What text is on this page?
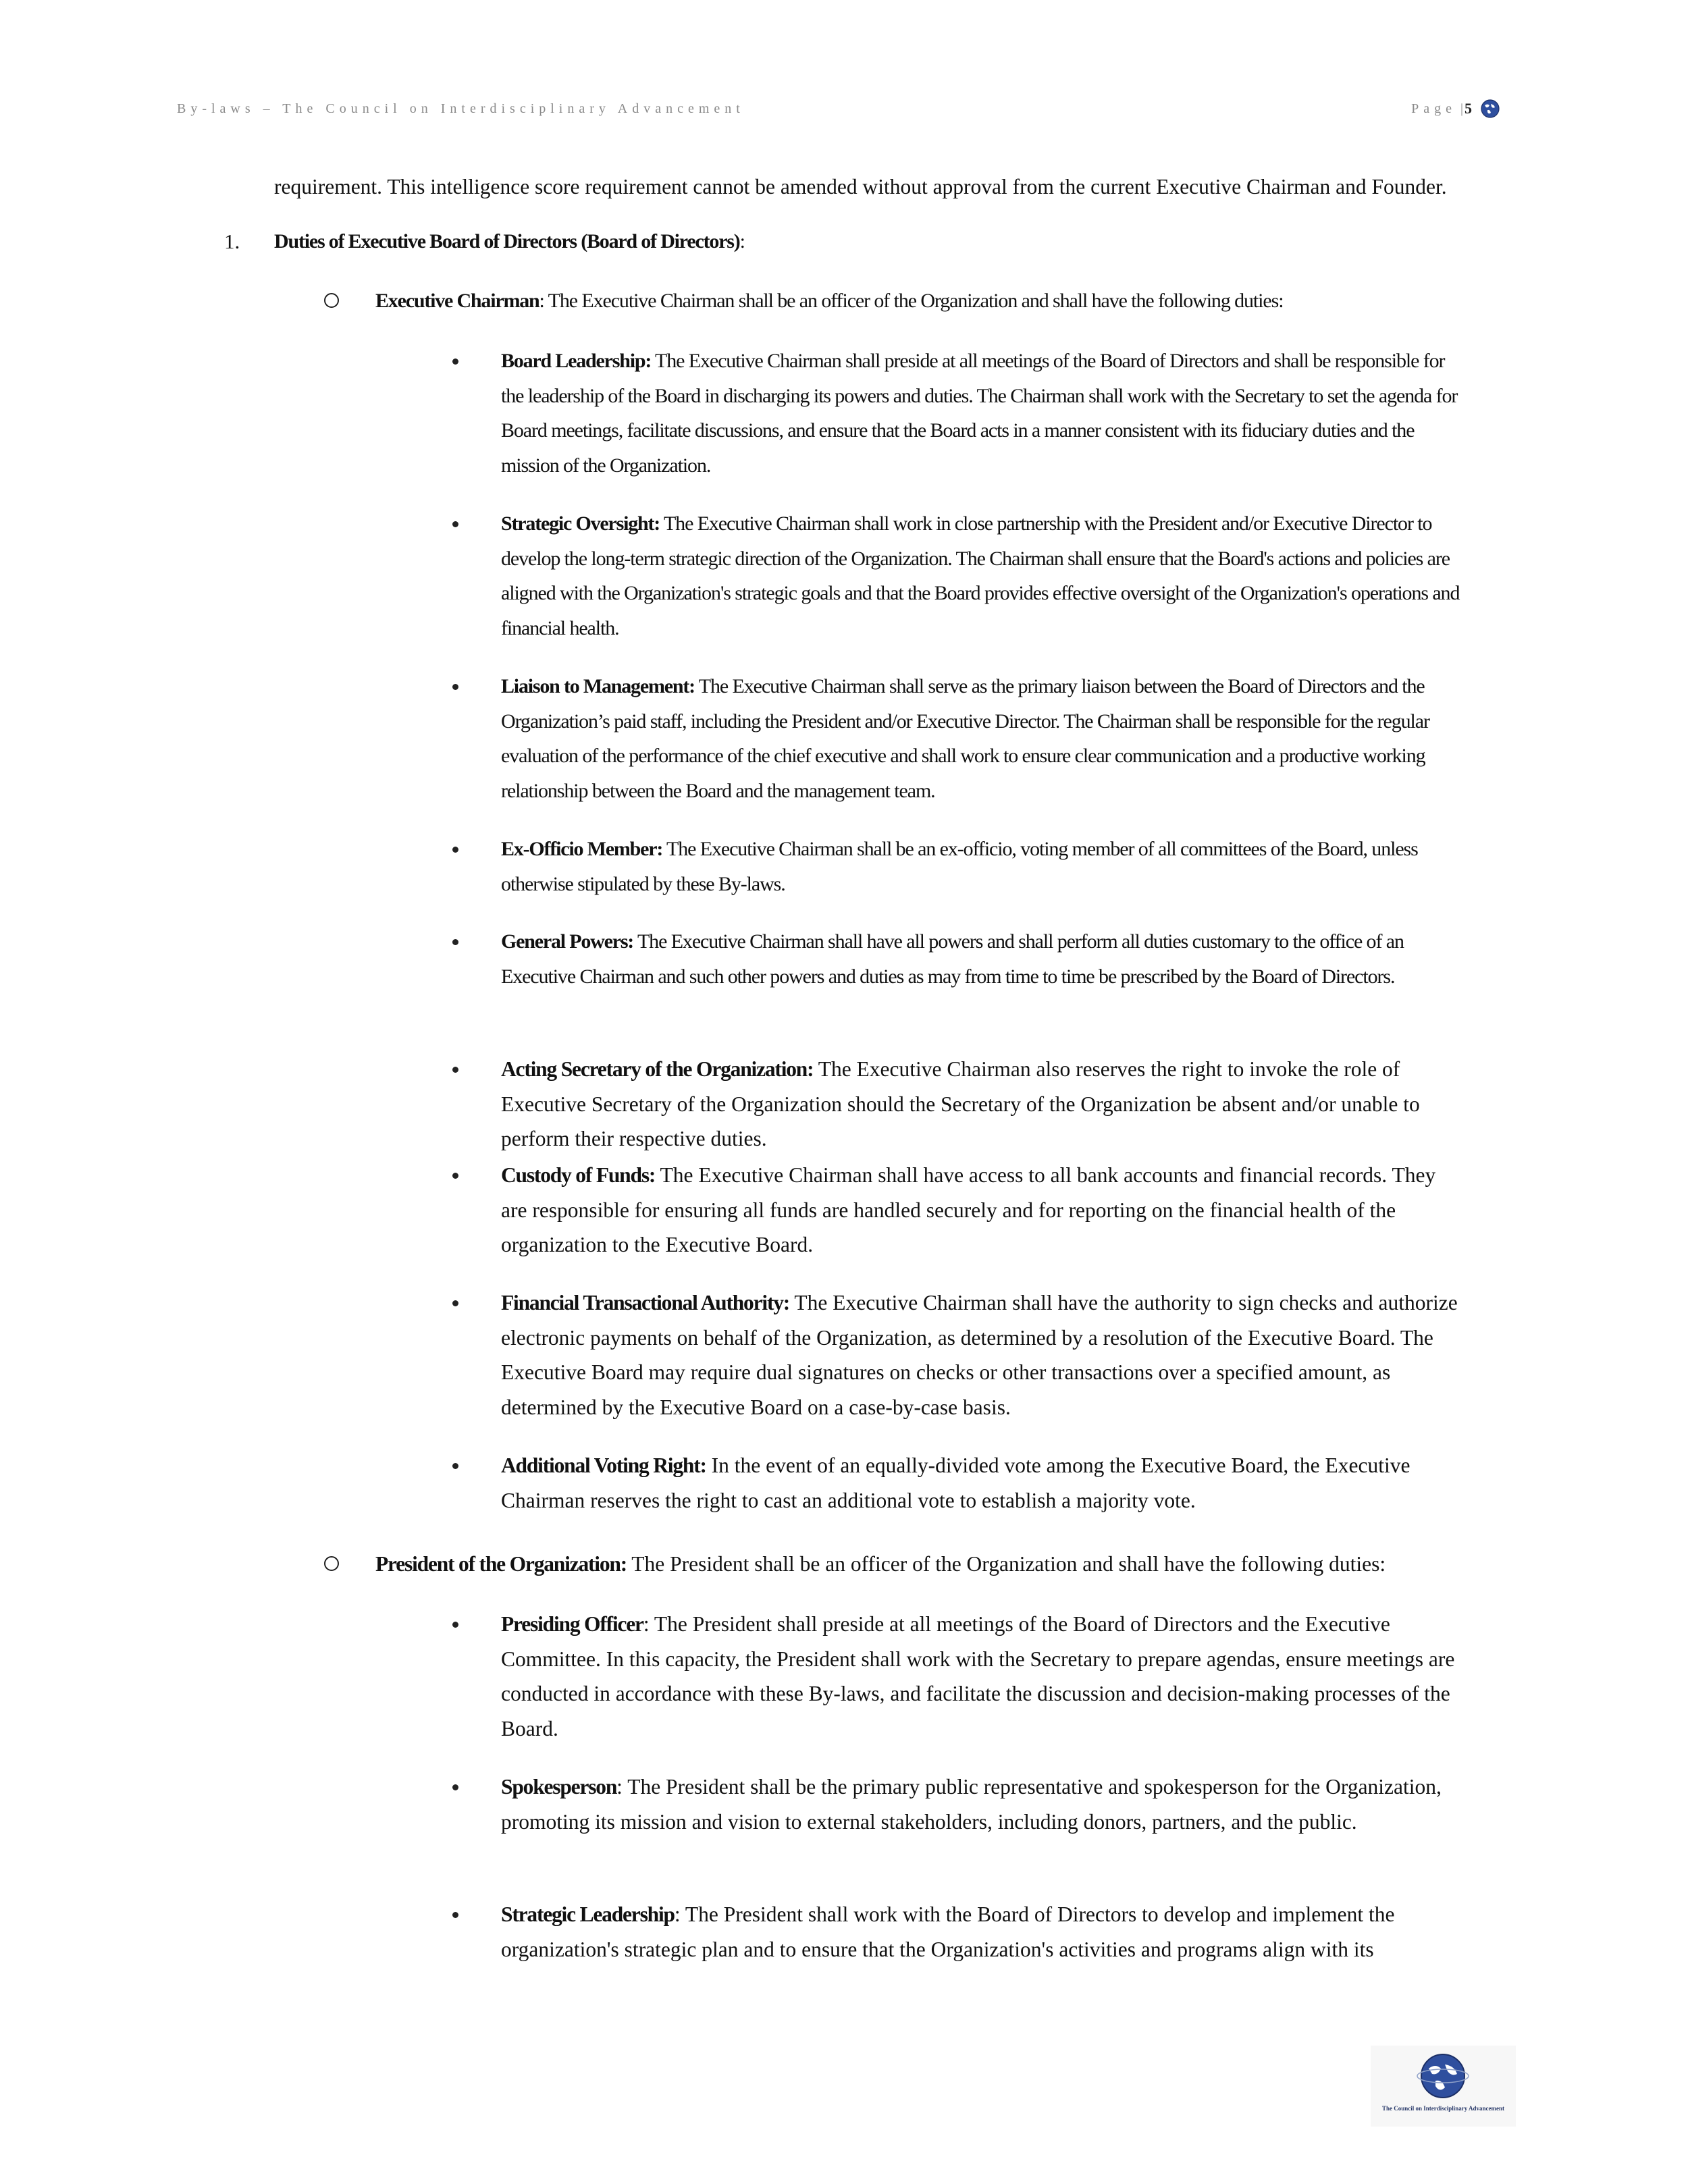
By-laws – The Council on Interdisciplinary Advancement	Page | 5

requirement. This intelligence score requirement cannot be amended without approval from the current Executive Chairman and Founder.

1. Duties of Executive Board of Directors (Board of Directors):

Executive Chairman: The Executive Chairman shall be an officer of the Organization and shall have the following duties:

Board Leadership: The Executive Chairman shall preside at all meetings of the Board of Directors and shall be responsible for the leadership of the Board in discharging its powers and duties. The Chairman shall work with the Secretary to set the agenda for Board meetings, facilitate discussions, and ensure that the Board acts in a manner consistent with its fiduciary duties and the mission of the Organization.

Strategic Oversight: The Executive Chairman shall work in close partnership with the President and/or Executive Director to develop the long-term strategic direction of the Organization. The Chairman shall ensure that the Board's actions and policies are aligned with the Organization's strategic goals and that the Board provides effective oversight of the Organization's operations and financial health.

Liaison to Management: The Executive Chairman shall serve as the primary liaison between the Board of Directors and the Organization’s paid staff, including the President and/or Executive Director. The Chairman shall be responsible for the regular evaluation of the performance of the chief executive and shall work to ensure clear communication and a productive working relationship between the Board and the management team.

Ex-Officio Member: The Executive Chairman shall be an ex-officio, voting member of all committees of the Board, unless otherwise stipulated by these By-laws.

General Powers: The Executive Chairman shall have all powers and shall perform all duties customary to the office of an Executive Chairman and such other powers and duties as may from time to time be prescribed by the Board of Directors.

Acting Secretary of the Organization: The Executive Chairman also reserves the right to invoke the role of Executive Secretary of the Organization should the Secretary of the Organization be absent and/or unable to perform their respective duties.

Custody of Funds: The Executive Chairman shall have access to all bank accounts and financial records. They are responsible for ensuring all funds are handled securely and for reporting on the financial health of the organization to the Executive Board.

Financial Transactional Authority: The Executive Chairman shall have the authority to sign checks and authorize electronic payments on behalf of the Organization, as determined by a resolution of the Executive Board. The Executive Board may require dual signatures on checks or other transactions over a specified amount, as determined by the Executive Board on a case-by-case basis.

Additional Voting Right: In the event of an equally-divided vote among the Executive Board, the Executive Chairman reserves the right to cast an additional vote to establish a majority vote.

President of the Organization: The President shall be an officer of the Organization and shall have the following duties:

Presiding Officer: The President shall preside at all meetings of the Board of Directors and the Executive Committee. In this capacity, the President shall work with the Secretary to prepare agendas, ensure meetings are conducted in accordance with these By-laws, and facilitate the discussion and decision-making processes of the Board.

Spokesperson: The President shall be the primary public representative and spokesperson for the Organization, promoting its mission and vision to external stakeholders, including donors, partners, and the public.

Strategic Leadership: The President shall work with the Board of Directors to develop and implement the organization's strategic plan and to ensure that the Organization's activities and programs align with its

The Council on Interdisciplinary Advancement
